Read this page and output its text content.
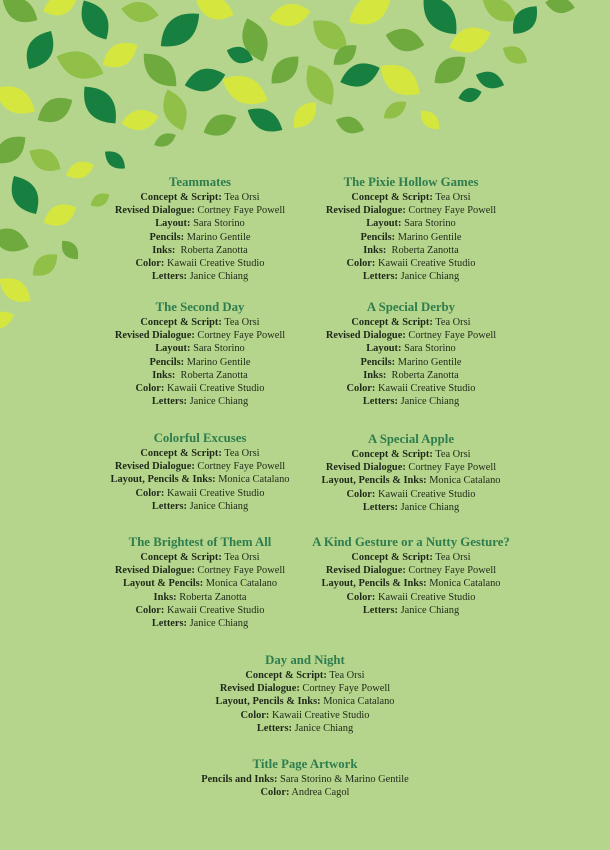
Teammates
Concept & Script: Tea Orsi
Revised Dialogue: Cortney Faye Powell
Layout: Sara Storino
Pencils: Marino Gentile
Inks:  Roberta Zanotta
Color: Kawaii Creative Studio
Letters: Janice Chiang
The Pixie Hollow Games
Concept & Script: Tea Orsi
Revised Dialogue: Cortney Faye Powell
Layout: Sara Storino
Pencils: Marino Gentile
Inks:  Roberta Zanotta
Color: Kawaii Creative Studio
Letters: Janice Chiang
The Second Day
Concept & Script: Tea Orsi
Revised Dialogue: Cortney Faye Powell
Layout: Sara Storino
Pencils: Marino Gentile
Inks:  Roberta Zanotta
Color: Kawaii Creative Studio
Letters: Janice Chiang
A Special Derby
Concept & Script: Tea Orsi
Revised Dialogue: Cortney Faye Powell
Layout: Sara Storino
Pencils: Marino Gentile
Inks:  Roberta Zanotta
Color: Kawaii Creative Studio
Letters: Janice Chiang
Colorful Excuses
Concept & Script: Tea Orsi
Revised Dialogue: Cortney Faye Powell
Layout, Pencils & Inks: Monica Catalano
Color: Kawaii Creative Studio
Letters: Janice Chiang
A Special Apple
Concept & Script: Tea Orsi
Revised Dialogue: Cortney Faye Powell
Layout, Pencils & Inks: Monica Catalano
Color: Kawaii Creative Studio
Letters: Janice Chiang
The Brightest of Them All
Concept & Script: Tea Orsi
Revised Dialogue: Cortney Faye Powell
Layout & Pencils: Monica Catalano
Inks: Roberta Zanotta
Color: Kawaii Creative Studio
Letters: Janice Chiang
A Kind Gesture or a Nutty Gesture?
Concept & Script: Tea Orsi
Revised Dialogue: Cortney Faye Powell
Layout, Pencils & Inks: Monica Catalano
Color: Kawaii Creative Studio
Letters: Janice Chiang
Day and Night
Concept & Script: Tea Orsi
Revised Dialogue: Cortney Faye Powell
Layout, Pencils & Inks: Monica Catalano
Color: Kawaii Creative Studio
Letters: Janice Chiang
Title Page Artwork
Pencils and Inks: Sara Storino & Marino Gentile
Color: Andrea Cagol
